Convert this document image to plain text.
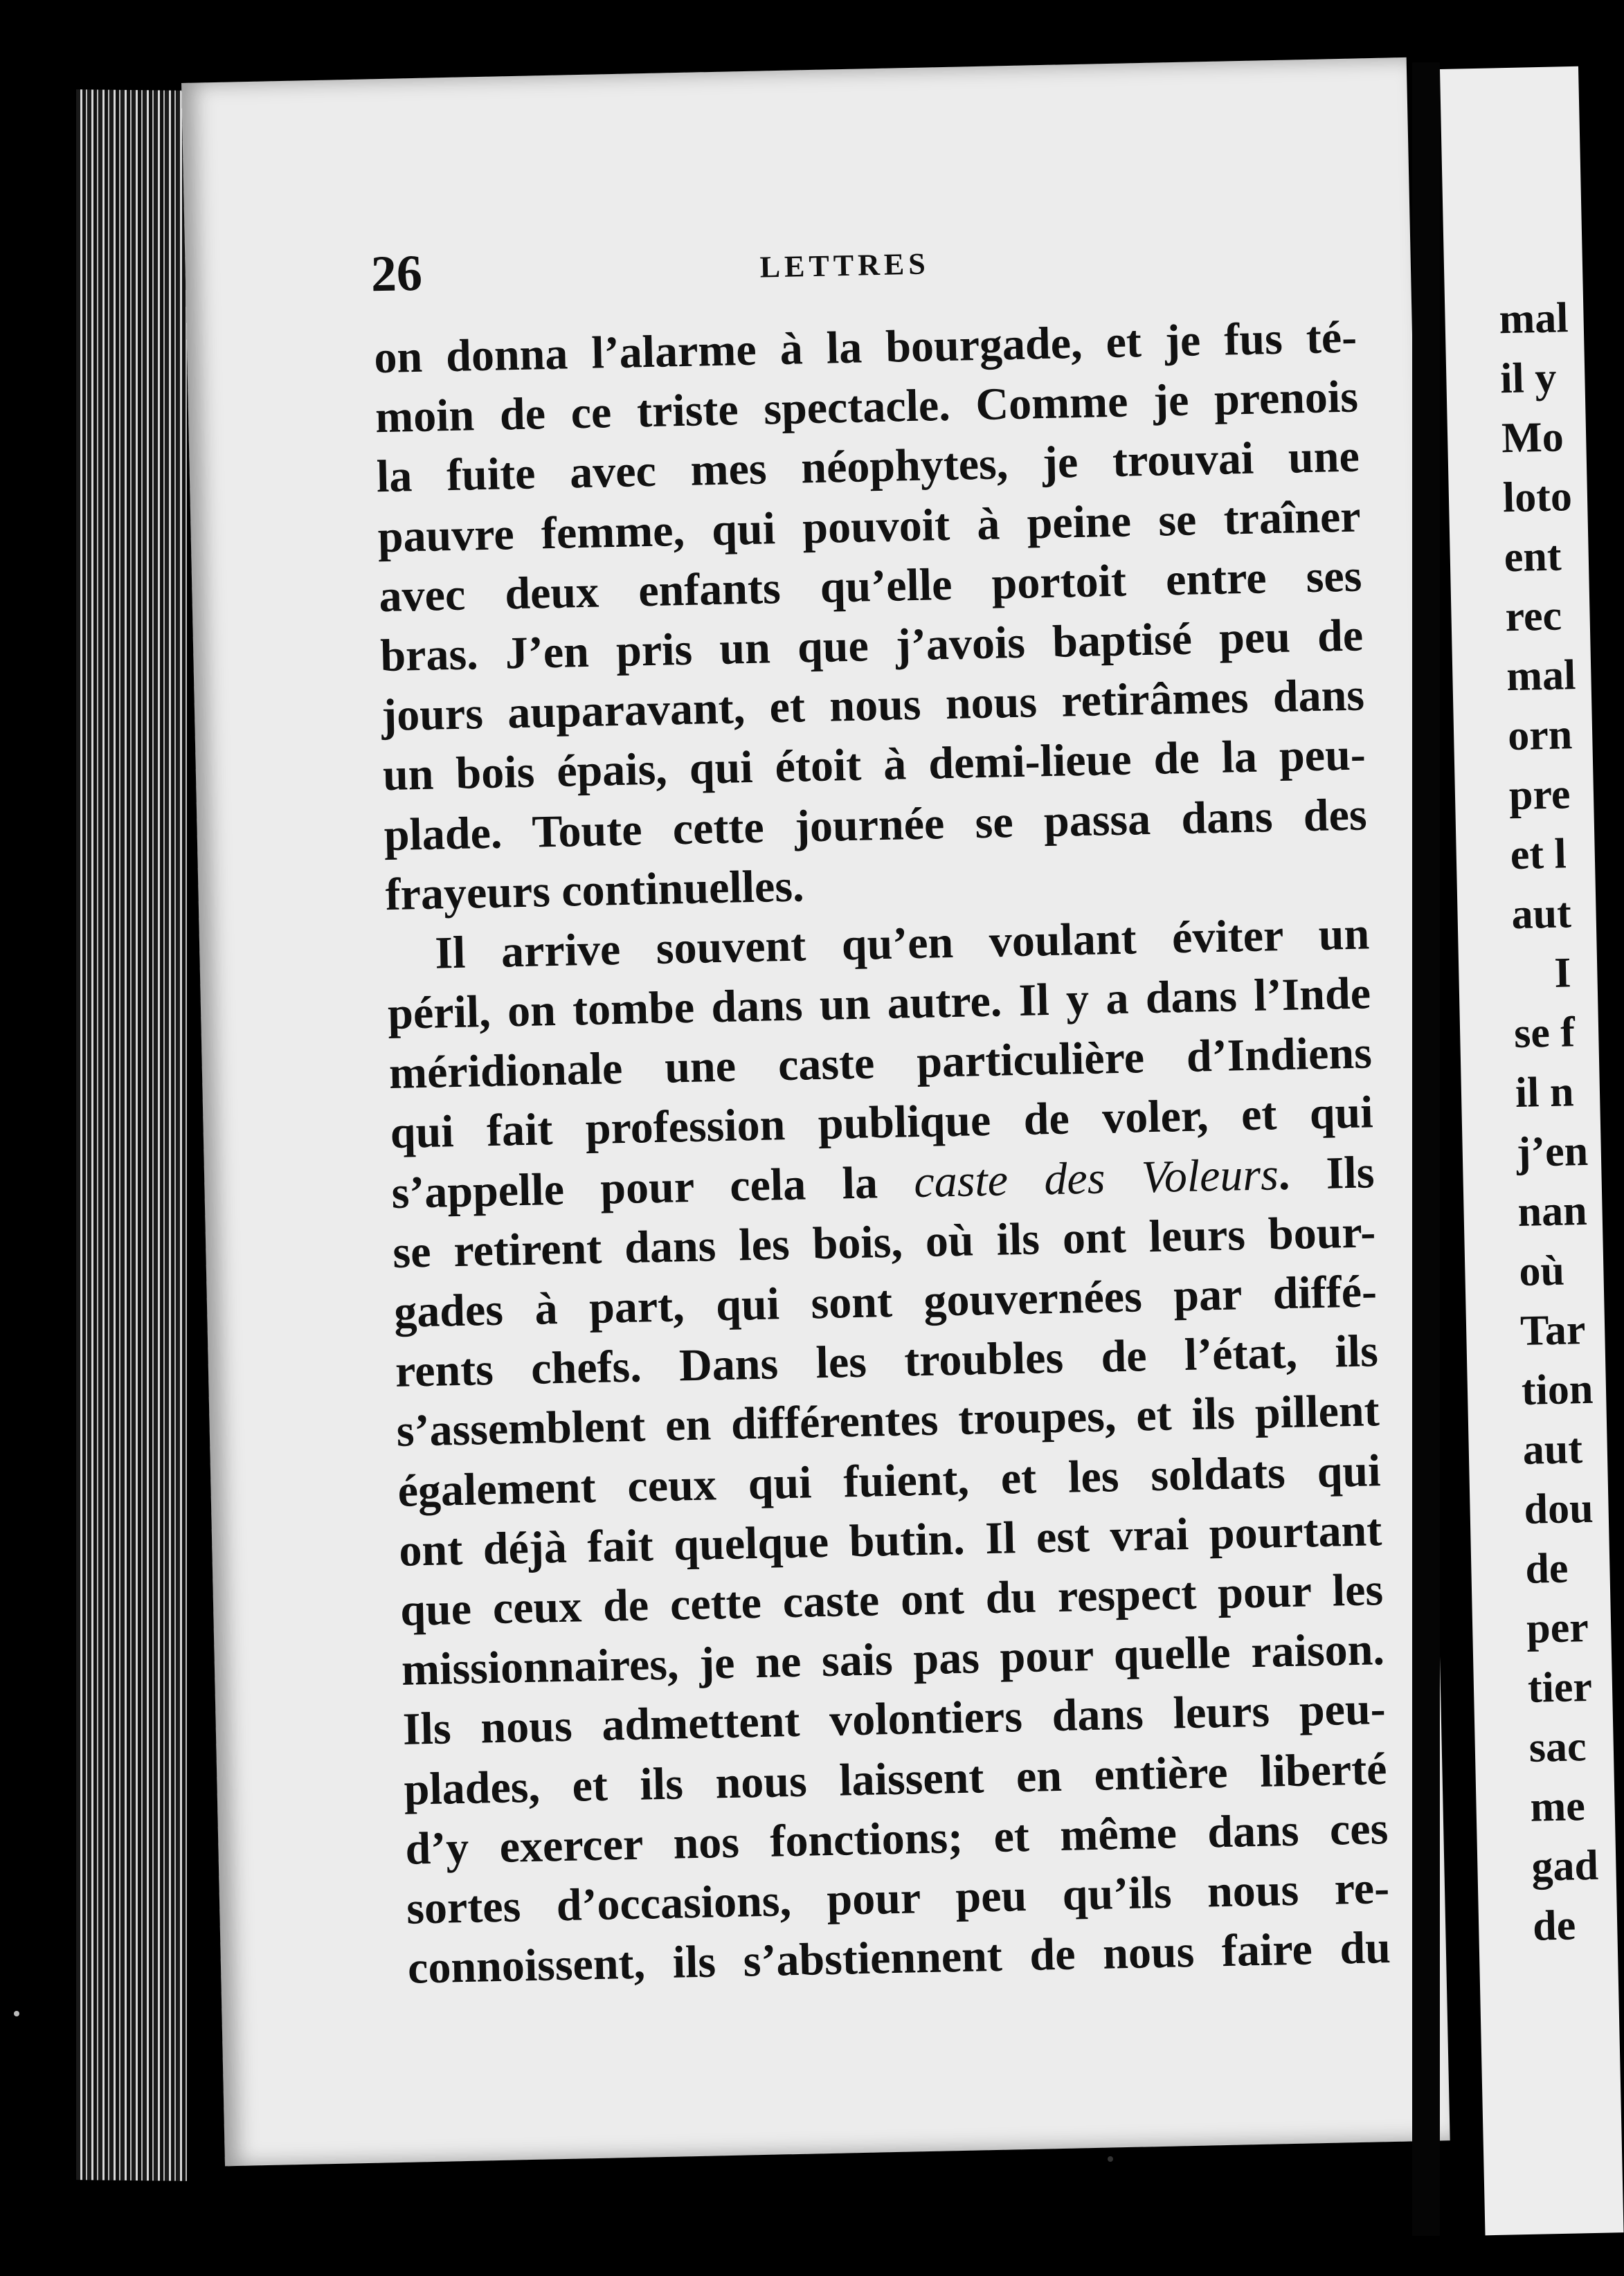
26	LETTRES
on donna l’alarme à la bourgade, et je fus té-
moin de ce triste spectacle. Comme je prenois
la fuite avec mes néophytes, je trouvai une
pauvre femme, qui pouvoit à peine se traîner
avec deux enfants qu’elle portoit entre ses
bras. J’en pris un que j’avois baptisé peu de
jours auparavant, et nous nous retirâmes dans
un bois épais, qui étoit à demi-lieue de la peu-
plade. Toute cette journée se passa dans des
frayeurs continuelles.
Il arrive souvent qu’en voulant éviter un
péril, on tombe dans un autre. Il y a dans l’Inde
méridionale une caste particulière d’Indiens
qui fait profession publique de voler, et qui
s’appelle pour cela la caste des Voleurs. Ils
se retirent dans les bois, où ils ont leurs bour-
gades à part, qui sont gouvernées par diffé-
rents chefs. Dans les troubles de l’état, ils
s’assemblent en différentes troupes, et ils pillent
également ceux qui fuient, et les soldats qui
ont déjà fait quelque butin. Il est vrai pourtant
que ceux de cette caste ont du respect pour les
missionnaires, je ne sais pas pour quelle raison.
Ils nous admettent volontiers dans leurs peu-
plades, et ils nous laissent en entière liberté
d’y exercer nos fonctions; et même dans ces
sortes d’occasions, pour peu qu’ils nous re-
connoissent, ils s’abstiennent de nous faire du
mal
il y
Mo
loto
ent
rec
mal
orn
pre
et l
aut
I
se f
il n
j’en
nan
où
Tar
tion
aut
dou
de
per
tier
sac
me
gad
de
